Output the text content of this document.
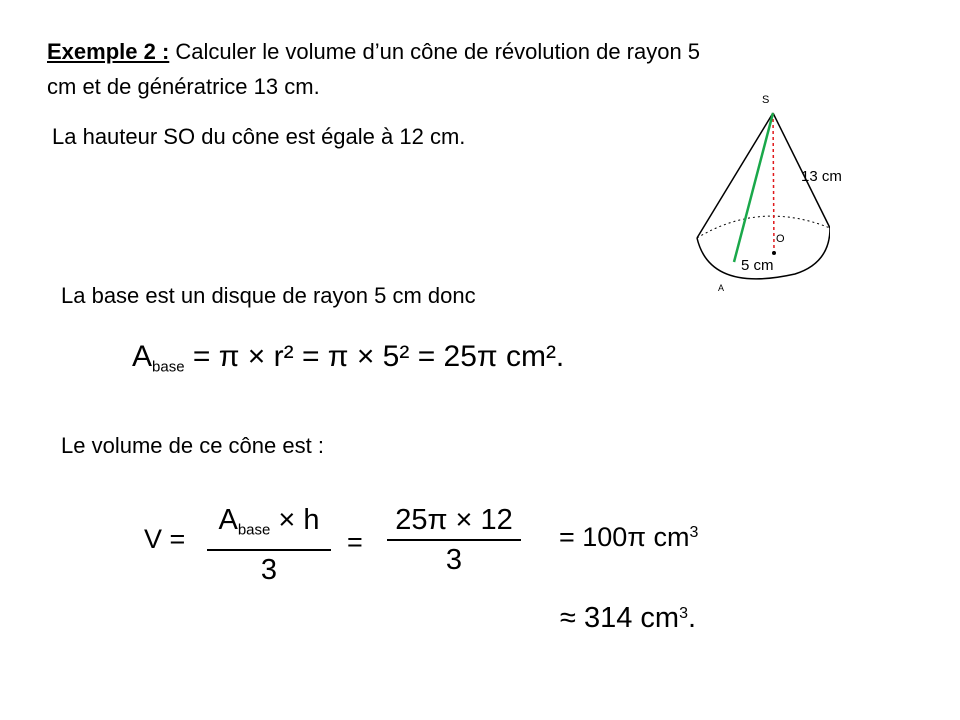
Exemple 2 : Calculer le volume d’un cône de révolution de rayon 5
cm et de génératrice 13 cm.
La hauteur SO du cône est égale à 12 cm.
S
O
A
13 cm
5 cm
La base est un disque de rayon 5 cm donc
$A_{base} = \pi \times r^2 = \pi \times 5^2 = 25\pi$ cm².
Le volume de ce cône est :
V =
$A_{base} \times h$
3
=
25π × 12
3
= 100π $cm^3$
≈ 314 $cm^3$.
